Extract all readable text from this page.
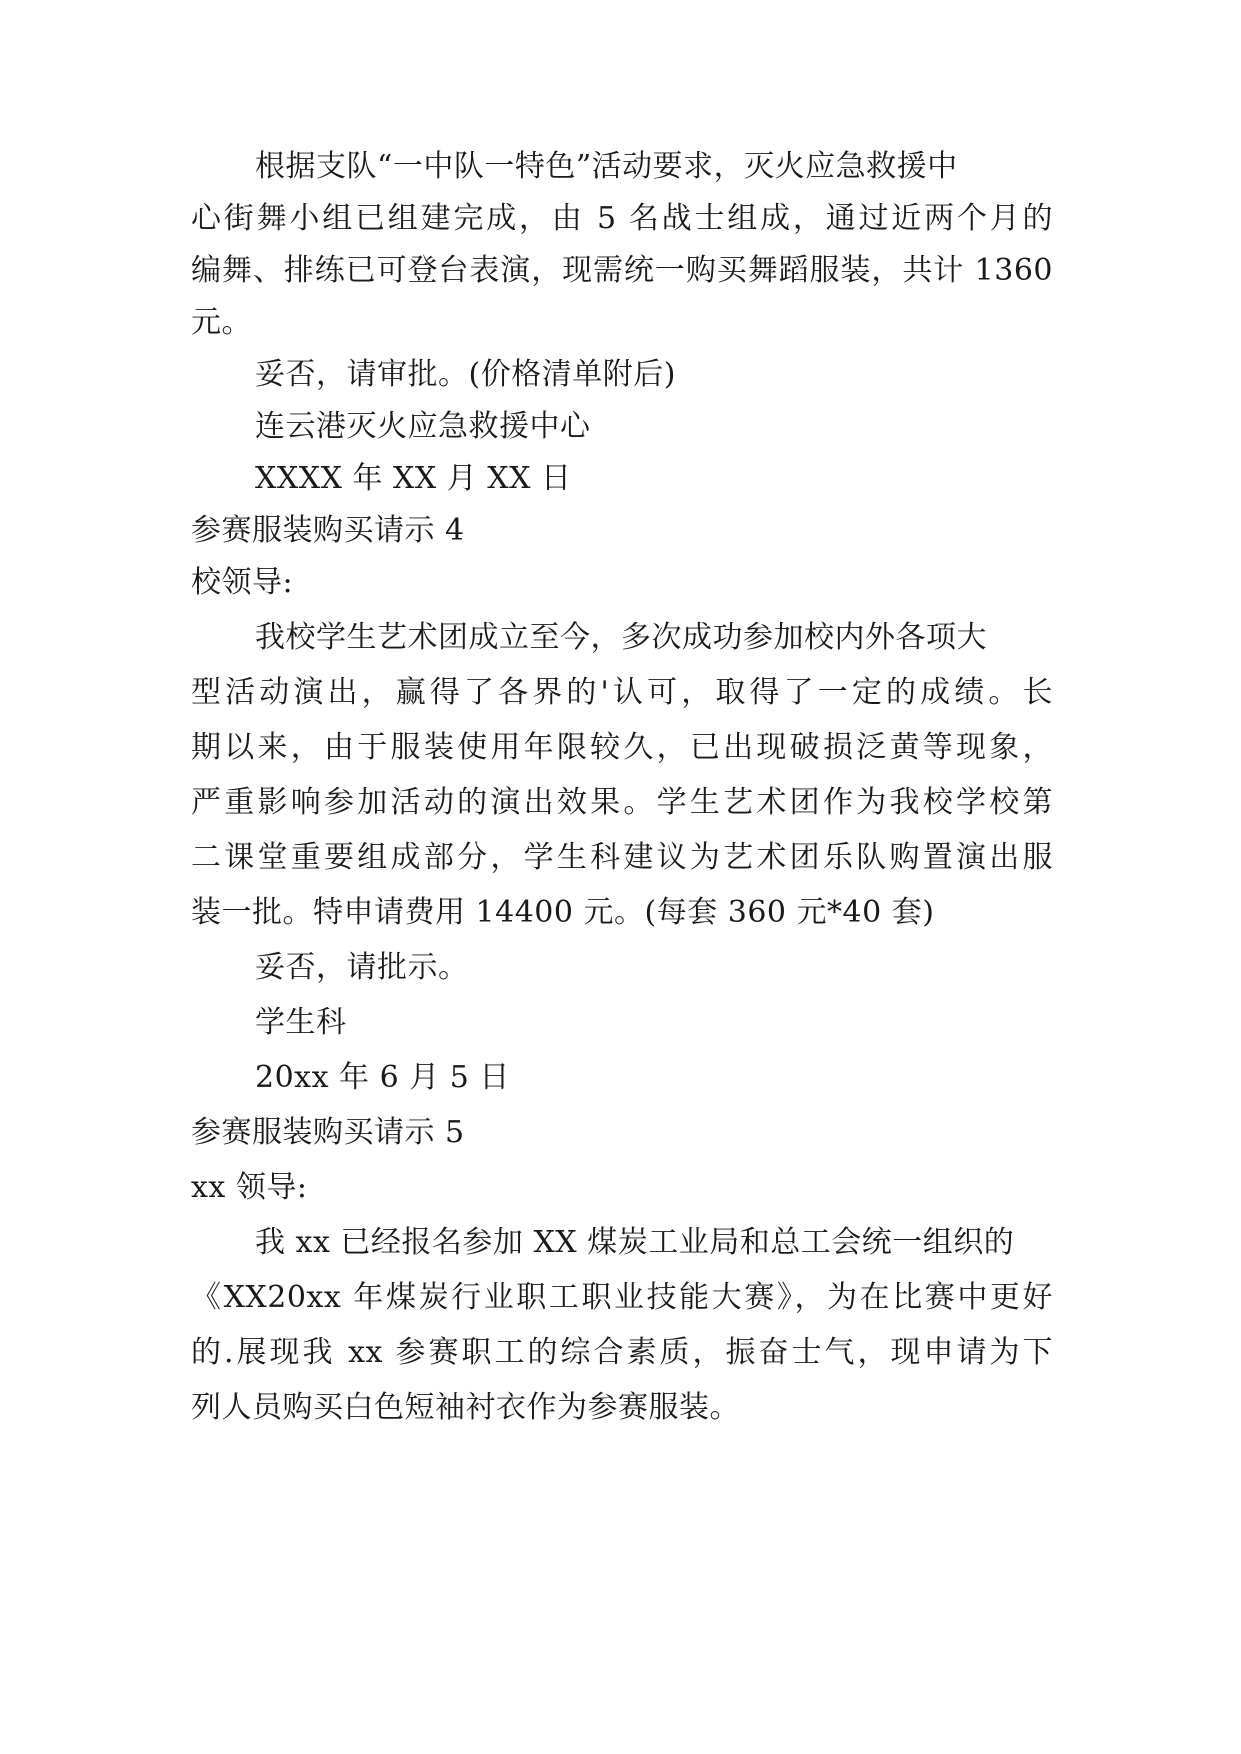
根据支队“一中队一特色”活动要求，灭火应急救援中
心街舞小组已组建完成，由 5 名战士组成，通过近两个月的
编舞、排练已可登台表演，现需统一购买舞蹈服装，共计 1360
元。
妥否，请审批。(价格清单附后)
连云港灭火应急救援中心
XXXX 年 XX 月 XX 日
参赛服装购买请示 4
校领导:
我校学生艺术团成立至今，多次成功参加校内外各项大
型活动演出，赢得了各界的'认可，取得了一定的成绩。长
期以来，由于服装使用年限较久，已出现破损泛黄等现象，
严重影响参加活动的演出效果。学生艺术团作为我校学校第
二课堂重要组成部分，学生科建议为艺术团乐队购置演出服
装一批。特申请费用 14400 元。(每套 360 元*40 套)
妥否，请批示。
学生科
20xx 年 6 月 5 日
参赛服装购买请示 5
xx 领导:
我 xx 已经报名参加 XX 煤炭工业局和总工会统一组织的
《XX20xx 年煤炭行业职工职业技能大赛》，为在比赛中更好
的.展现我 xx 参赛职工的综合素质，振奋士气，现申请为下
列人员购买白色短袖衬衣作为参赛服装。
